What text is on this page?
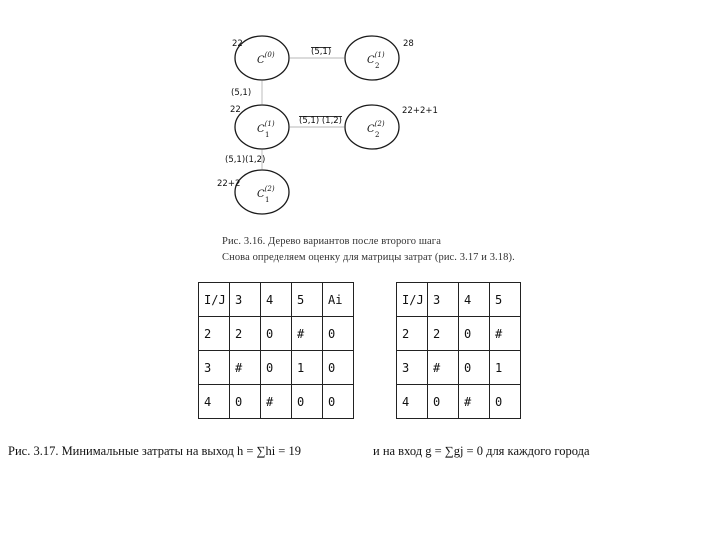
(5,1)
(5,1)
(5,1) (1,2)
(5,1)(1,2)
$C^{(0)}$
22
$C^{(1)}$
2
28
$C^{(1)}$
1
22
$C^{(2)}$
2
22+2+1
$C^{(2)}$
1
22+2
Рис. 3.16. Дерево вариантов после второго шага
Снова определяем оценку для матрицы затрат (рис. 3.17 и 3.18).
I/J	3	4	5	Ai
2	2	0	#	0
3	#	0	1	0
4	0	#	0	0
I/J	3	4	5
2	2	0	#
3	#	0	1
4	0	#	0
Рис. 3.17. Минимальные затраты на выход h = ∑hi = 19	и на вход g = ∑gj = 0 для каждого города
